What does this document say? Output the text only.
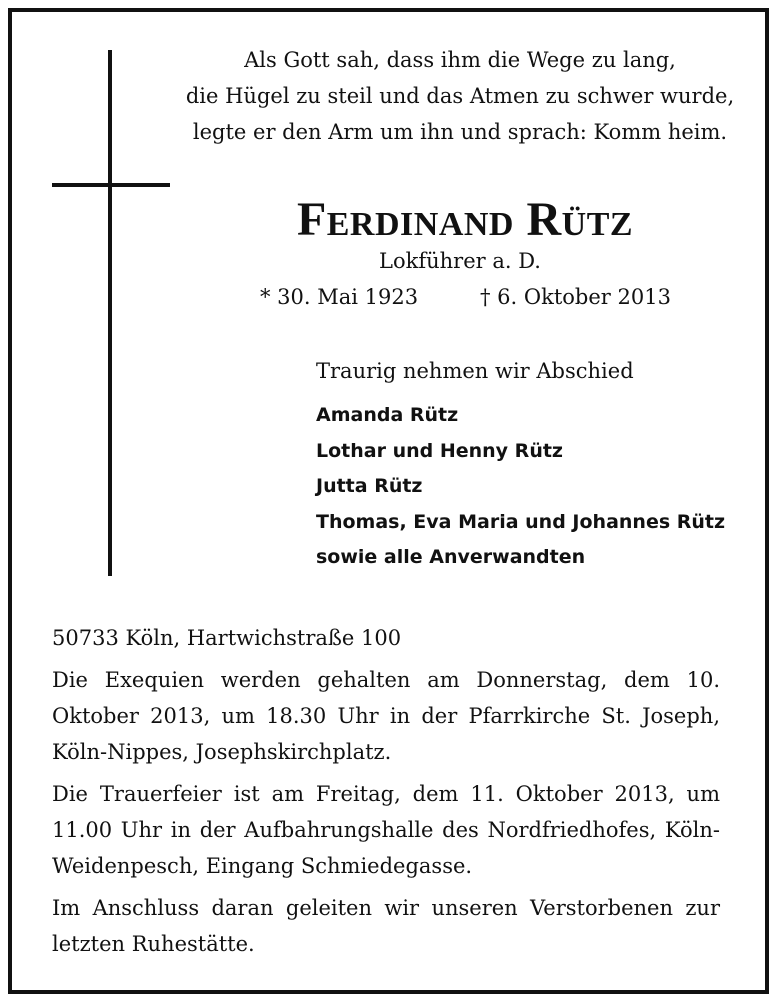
Als Gott sah, dass ihm die Wege zu lang,
die Hügel zu steil und das Atmen zu schwer wurde,
legte er den Arm um ihn und sprach: Komm heim.
Ferdinand Rütz
Lokführer a. D.
* 30. Mai 1923	† 6. Oktober 2013
Traurig nehmen wir Abschied
Amanda Rütz
Lothar und Henny Rütz
Jutta Rütz
Thomas, Eva Maria und Johannes Rütz
sowie alle Anverwandten
50733 Köln, Hartwichstraße 100

Die Exequien werden gehalten am Donnerstag, dem 10. Oktober 2013, um 18.30 Uhr in der Pfarrkirche St. Joseph, Köln-Nippes, Josephskirchplatz.

Die Trauerfeier ist am Freitag, dem 11. Oktober 2013, um 11.00 Uhr in der Aufbahrungshalle des Nordfriedhofes, Köln-Weidenpesch, Eingang Schmiedegasse.

Im Anschluss daran geleiten wir unseren Verstorbenen zur letzten Ruhestätte.
